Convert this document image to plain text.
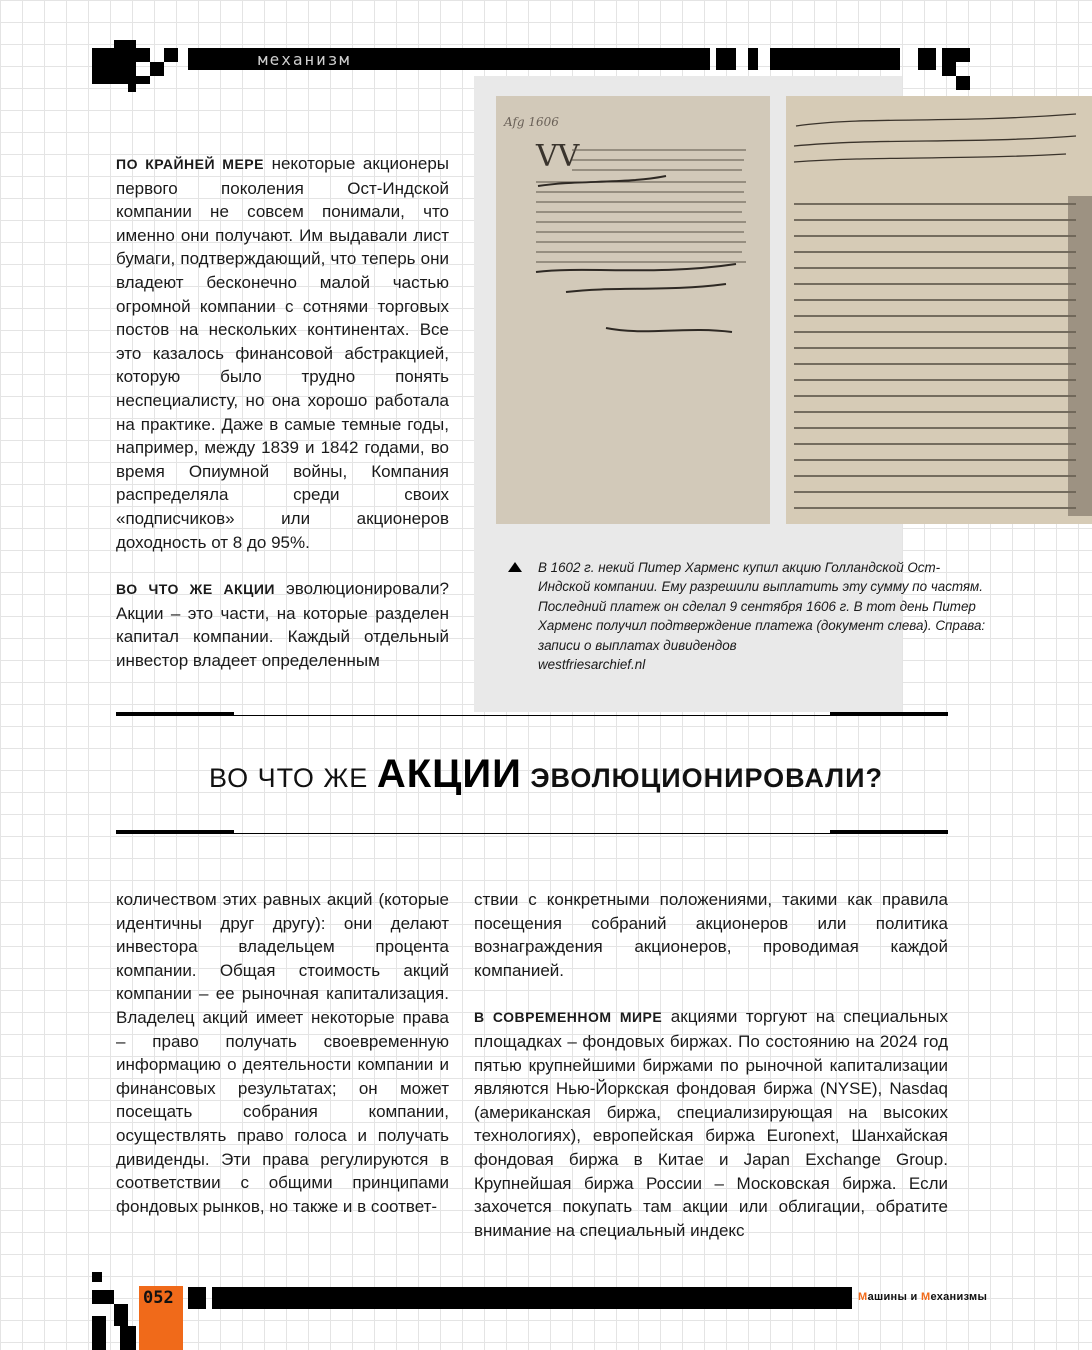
механизм

ПО КРАЙНЕЙ МЕРЕ некоторые акционеры первого поколения Ост-Индской компании не совсем понимали, что именно они получают. Им выдавали лист бумаги, подтверждающий, что теперь они владеют бесконечно малой частью огромной компании с сотнями торговых постов на нескольких континентах. Все это казалось финансовой абстракцией, которую было трудно понять неспециалисту, но она хорошо работала на практике. Даже в самые темные годы, например, между 1839 и 1842 годами, во время Опиумной войны, Компания распределяла среди своих «подписчиков» или акционеров доходность от 8 до 95%.

ВО ЧТО ЖЕ АКЦИИ эволюционировали? Акции – это части, на которые разделен капитал компании. Каждый отдельный инвестор владеет определенным

Afg 1606
VV

В 1602 г. некий Питер Харменс купил акцию Голландской Ост-Индской компании. Ему разрешили выплатить эту сумму по частям. Последний платеж он сделал 9 сентября 1606 г. В тот день Питер Харменс получил подтверждение платежа (документ слева). Справа: записи о выплатах дивидендов

westfriesarchief.nl

ВО ЧТО ЖЕ АКЦИИ ЭВОЛЮЦИОНИРОВАЛИ?

количеством этих равных акций (которые идентичны друг другу): они делают инвестора владельцем процента компании. Общая стоимость акций компании – ее рыночная капитализация. Владелец акций имеет некоторые права – право получать своевременную информацию о деятельности компании и финансовых результатах; он может посещать собрания компании, осуществлять право голоса и получать дивиденды. Эти права регулируются в соответствии с общими принципами фондовых рынков, но также и в соответ-

ствии с конкретными положениями, такими как правила посещения собраний акционеров или политика вознаграждения акционеров, проводимая каждой компанией.

В СОВРЕМЕННОМ МИРЕ акциями торгуют на специальных площадках – фондовых биржах. По состоянию на 2024 год пятью крупнейшими биржами по рыночной капитализации являются Нью-Йоркская фондовая биржа (NYSE), Nasdaq (американская биржа, специализирующая на высоких технологиях), европейская биржа Euronext, Шанхайская фондовая биржа в Китае и Japan Exchange Group. Крупнейшая биржа России – Московская биржа. Если захочется покупать там акции или облигации, обратите внимание на специальный индекс

052	Машины и Механизмы
